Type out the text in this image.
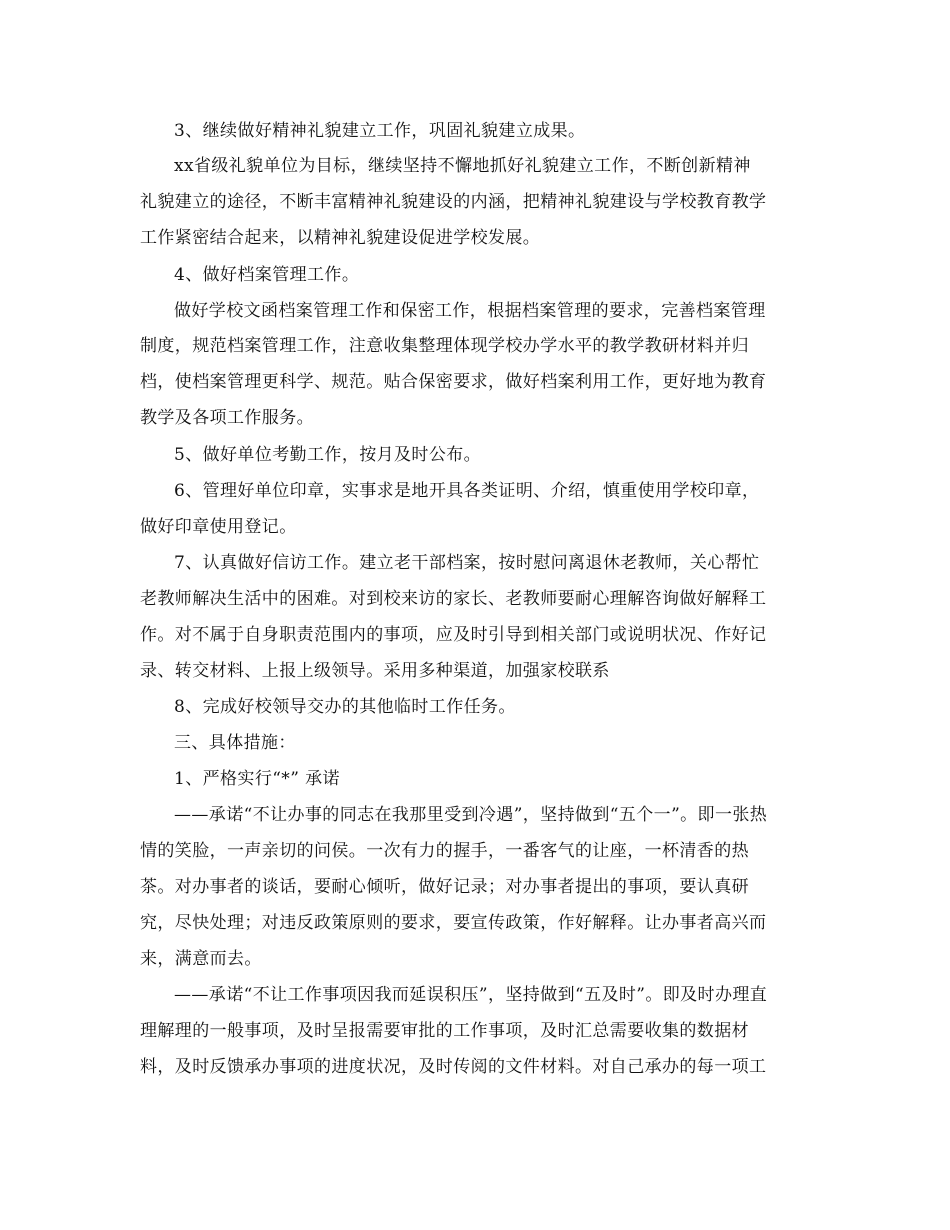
3、继续做好精神礼貌建立工作，巩固礼貌建立成果。
xx省级礼貌单位为目标，继续坚持不懈地抓好礼貌建立工作，不断创新精神
礼貌建立的途径，不断丰富精神礼貌建设的内涵，把精神礼貌建设与学校教育教学
工作紧密结合起来，以精神礼貌建设促进学校发展。
4、做好档案管理工作。
做好学校文函档案管理工作和保密工作，根据档案管理的要求，完善档案管理
制度，规范档案管理工作，注意收集整理体现学校办学水平的教学教研材料并归
档，使档案管理更科学、规范。贴合保密要求，做好档案利用工作，更好地为教育
教学及各项工作服务。
5、做好单位考勤工作，按月及时公布。
6、管理好单位印章，实事求是地开具各类证明、介绍，慎重使用学校印章，
做好印章使用登记。
7、认真做好信访工作。建立老干部档案，按时慰问离退休老教师，关心帮忙
老教师解决生活中的困难。对到校来访的家长、老教师要耐心理解咨询做好解释工
作。对不属于自身职责范围内的事项，应及时引导到相关部门或说明状况、作好记
录、转交材料、上报上级领导。采用多种渠道，加强家校联系
8、完成好校领导交办的其他临时工作任务。
三、具体措施：
1、严格实行“*” 承诺
——承诺“不让办事的同志在我那里受到冷遇”，坚持做到“五个一”。即一张热
情的笑脸，一声亲切的问侯。一次有力的握手，一番客气的让座，一杯清香的热
茶。对办事者的谈话，要耐心倾听，做好记录；对办事者提出的事项，要认真研
究，尽快处理；对违反政策原则的要求，要宣传政策，作好解释。让办事者高兴而
来，满意而去。
——承诺“不让工作事项因我而延误积压”，坚持做到“五及时”。即及时办理直
理解理的一般事项，及时呈报需要审批的工作事项，及时汇总需要收集的数据材
料，及时反馈承办事项的进度状况，及时传阅的文件材料。对自己承办的每一项工
